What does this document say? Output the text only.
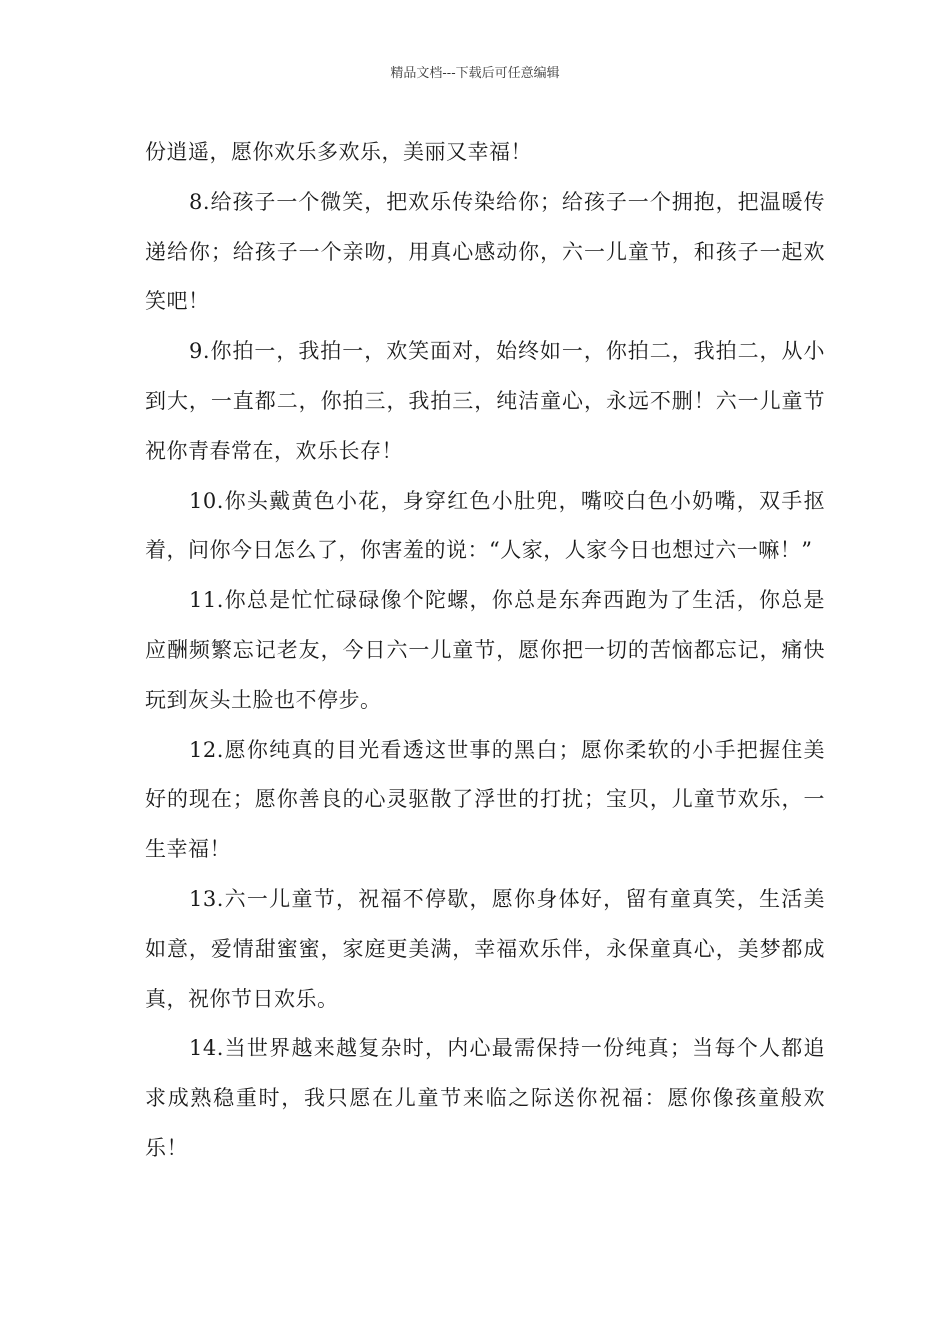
精品文档---下载后可任意编辑

份逍遥，愿你欢乐多欢乐，美丽又幸福！

8.给孩子一个微笑，把欢乐传染给你；给孩子一个拥抱，把温暖传递给你；给孩子一个亲吻，用真心感动你，六一儿童节，和孩子一起欢笑吧！

9.你拍一，我拍一，欢笑面对，始终如一，你拍二，我拍二，从小到大，一直都二，你拍三，我拍三，纯洁童心，永远不删！六一儿童节祝你青春常在，欢乐长存！

10.你头戴黄色小花，身穿红色小肚兜，嘴咬白色小奶嘴，双手抠着，问你今日怎么了，你害羞的说：“人家，人家今日也想过六一嘛！”

11.你总是忙忙碌碌像个陀螺，你总是东奔西跑为了生活，你总是应酬频繁忘记老友，今日六一儿童节，愿你把一切的苦恼都忘记，痛快玩到灰头土脸也不停步。

12.愿你纯真的目光看透这世事的黑白；愿你柔软的小手把握住美好的现在；愿你善良的心灵驱散了浮世的打扰；宝贝，儿童节欢乐，一生幸福！

13.六一儿童节，祝福不停歇，愿你身体好，留有童真笑，生活美如意，爱情甜蜜蜜，家庭更美满，幸福欢乐伴，永保童真心，美梦都成真，祝你节日欢乐。

14.当世界越来越复杂时，内心最需保持一份纯真；当每个人都追求成熟稳重时，我只愿在儿童节来临之际送你祝福：愿你像孩童般欢乐！
